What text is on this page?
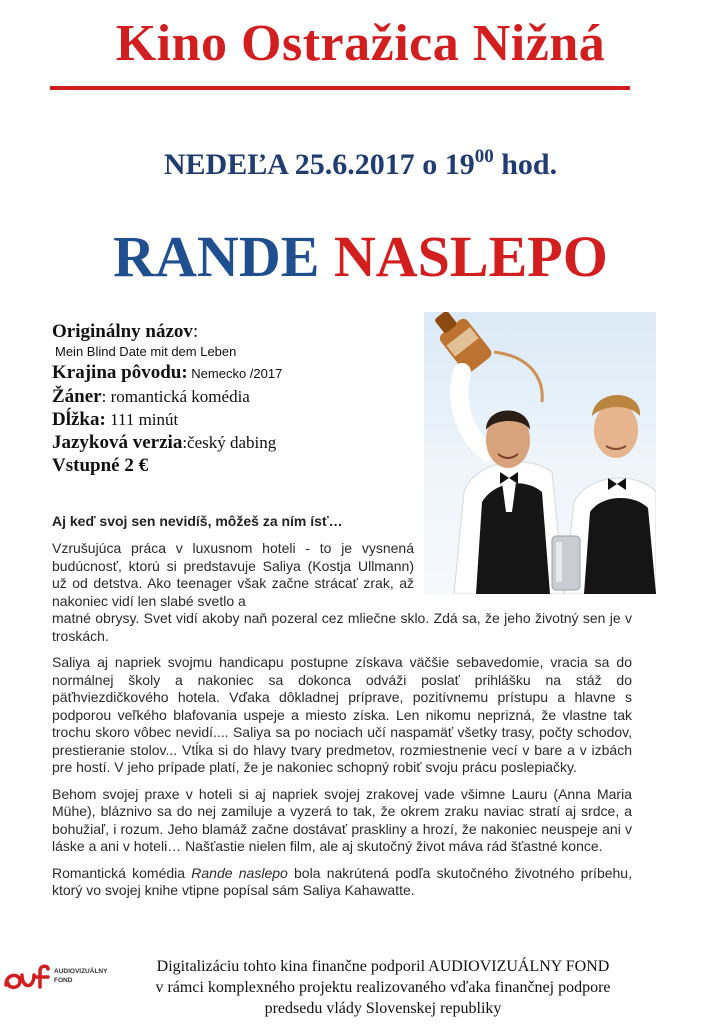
Kino Ostražica Nižná
NEDEĽA 25.6.2017 o $19^{00}$ hod.
RANDE NASLEPO
Originálny názov:
Mein Blind Date mit dem Leben
Krajina pôvodu: Nemecko /2017
Žáner: romantická komédia
Dĺžka: 111 minút
Jazyková verzia:český dabing
Vstupné 2 €

Aj keď svoj sen nevidíš, môžeš za ním ísť…

Vzrušujúca práca v luxusnom hoteli - to je vysnená budúcnosť, ktorú si predstavuje Saliya (Kostja Ullmann) už od detstva. Ako teenager však začne strácať zrak, až nakoniec vidí len slabé svetlo a

matné obrysy. Svet vidí akoby naň pozeral cez mliečne sklo. Zdá sa, že jeho životný sen je v troskách.

Saliya aj napriek svojmu handicapu postupne získava väčšie sebavedomie, vracia sa do normálnej školy a nakoniec sa dokonca odváži poslať prihlášku na stáž do päťhviezdičkového hotela. Vďaka dôkladnej príprave, pozitívnemu prístupu a hlavne s podporou veľkého blafovania uspeje a miesto získa. Len nikomu neprizná, že vlastne tak trochu skoro vôbec nevidí.... Saliya sa po nociach učí naspamäť všetky trasy, počty schodov, prestieranie stolov... Vtĺka si do hlavy tvary predmetov, rozmiestnenie vecí v bare a v izbách pre hostí. V jeho prípade platí, že je nakoniec schopný robiť svoju prácu poslepiačky.

Behom svojej praxe v hoteli si aj napriek svojej zrakovej vade všimne Lauru (Anna Maria Mühe), bláznivo sa do nej zamiluje a vyzerá to tak, že okrem zraku naviac stratí aj srdce, a bohužiaľ, i rozum. Jeho blamáž začne dostávať praskliny a hrozí, že nakoniec neuspeje ani v láske a ani v hoteli… Našťastie nielen film, ale aj skutočný život máva rád šťastné konce.

Romantická komédia Rande naslepo bola nakrútená podľa skutočného životného príbehu, ktorý vo svojej knihe vtipne popísal sám Saliya Kahawatte.

AUDIOVIZUÁLNY
FOND
Digitalizáciu tohto kina finančne podporil AUDIOVIZUÁLNY FOND
v rámci komplexného projektu realizovaného vďaka finančnej podpore
predsedu vlády Slovenskej republiky
